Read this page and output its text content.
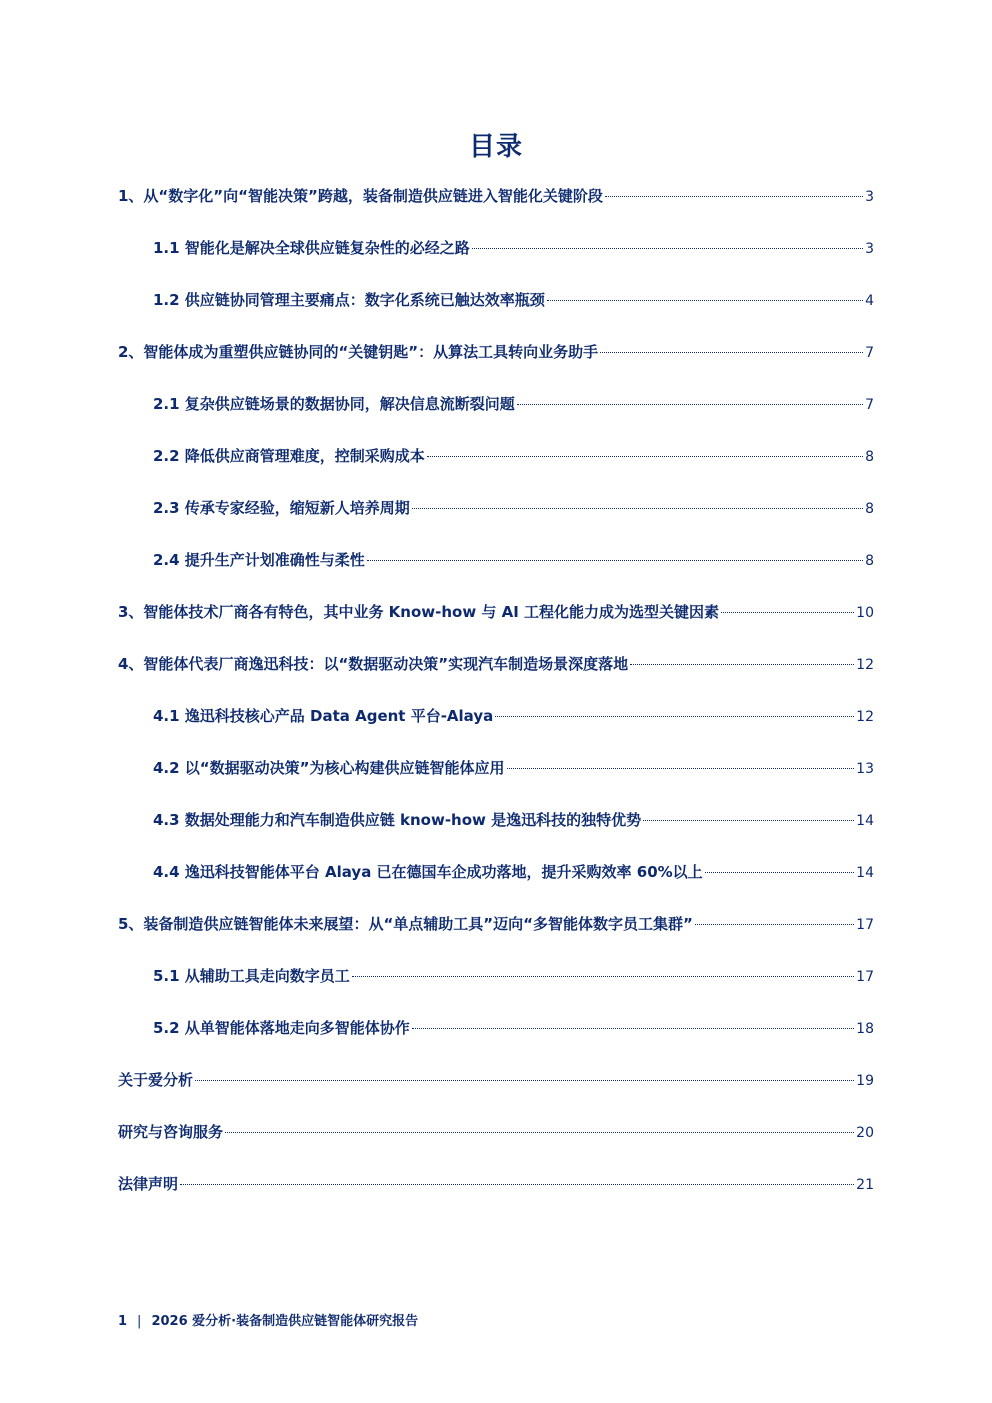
目录
1、从“数字化”向“智能决策”跨越，装备制造供应链进入智能化关键阶段	3
1.1 智能化是解决全球供应链复杂性的必经之路	3
1.2 供应链协同管理主要痛点：数字化系统已触达效率瓶颈	4
2、智能体成为重塑供应链协同的“关键钥匙”：从算法工具转向业务助手	7
2.1 复杂供应链场景的数据协同，解决信息流断裂问题	7
2.2 降低供应商管理难度，控制采购成本	8
2.3 传承专家经验，缩短新人培养周期	8
2.4 提升生产计划准确性与柔性	8
3、智能体技术厂商各有特色，其中业务 Know-how 与 AI 工程化能力成为选型关键因素	10
4、智能体代表厂商逸迅科技：以“数据驱动决策”实现汽车制造场景深度落地	12
4.1 逸迅科技核心产品 Data Agent 平台-Alaya	12
4.2 以“数据驱动决策”为核心构建供应链智能体应用	13
4.3 数据处理能力和汽车制造供应链 know-how 是逸迅科技的独特优势	14
4.4 逸迅科技智能体平台 Alaya 已在德国车企成功落地，提升采购效率 60%以上	14
5、装备制造供应链智能体未来展望：从“单点辅助工具”迈向“多智能体数字员工集群”	17
5.1 从辅助工具走向数字员工	17
5.2 从单智能体落地走向多智能体协作	18
关于爱分析	19
研究与咨询服务	20
法律声明	21
1 | 2026 爱分析·装备制造供应链智能体研究报告
